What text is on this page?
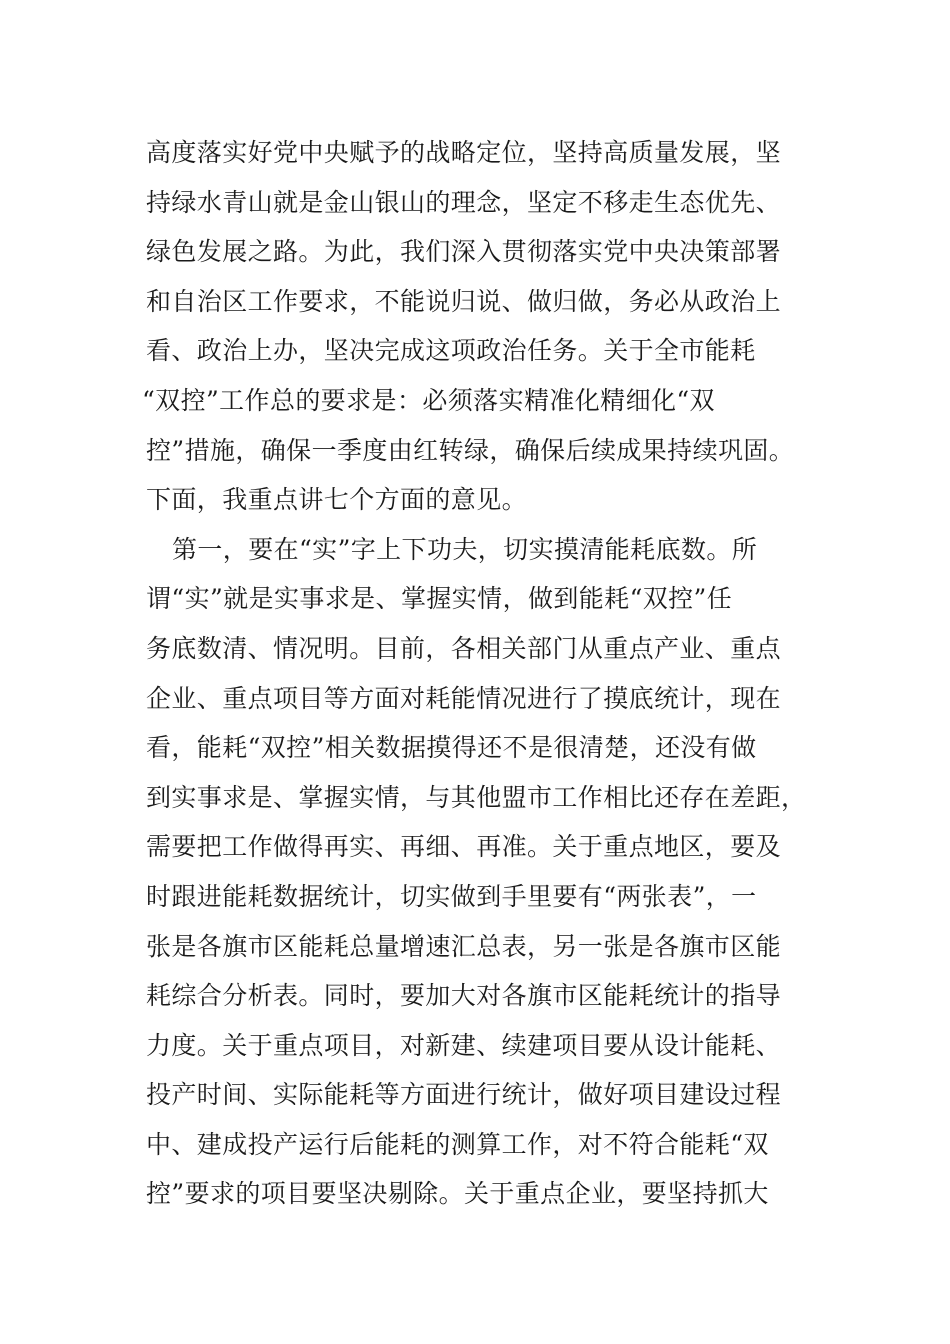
高度落实好党中央赋予的战略定位，坚持高质量发展，坚
持绿水青山就是金山银山的理念，坚定不移走生态优先、
绿色发展之路。为此，我们深入贯彻落实党中央决策部署
和自治区工作要求，不能说归说、做归做，务必从政治上
看、政治上办，坚决完成这项政治任务。关于全市能耗
“双控”工作总的要求是：必须落实精准化精细化“双
控”措施，确保一季度由红转绿，确保后续成果持续巩固。
下面，我重点讲七个方面的意见。
第一，要在“实”字上下功夫，切实摸清能耗底数。所
谓“实”就是实事求是、掌握实情，做到能耗“双控”任
务底数清、情况明。目前，各相关部门从重点产业、重点
企业、重点项目等方面对耗能情况进行了摸底统计，现在
看，能耗“双控”相关数据摸得还不是很清楚，还没有做
到实事求是、掌握实情，与其他盟市工作相比还存在差距，
需要把工作做得再实、再细、再准。关于重点地区，要及
时跟进能耗数据统计，切实做到手里要有“两张表”，一
张是各旗市区能耗总量增速汇总表，另一张是各旗市区能
耗综合分析表。同时，要加大对各旗市区能耗统计的指导
力度。关于重点项目，对新建、续建项目要从设计能耗、
投产时间、实际能耗等方面进行统计，做好项目建设过程
中、建成投产运行后能耗的测算工作，对不符合能耗“双
控”要求的项目要坚决剔除。关于重点企业，要坚持抓大
